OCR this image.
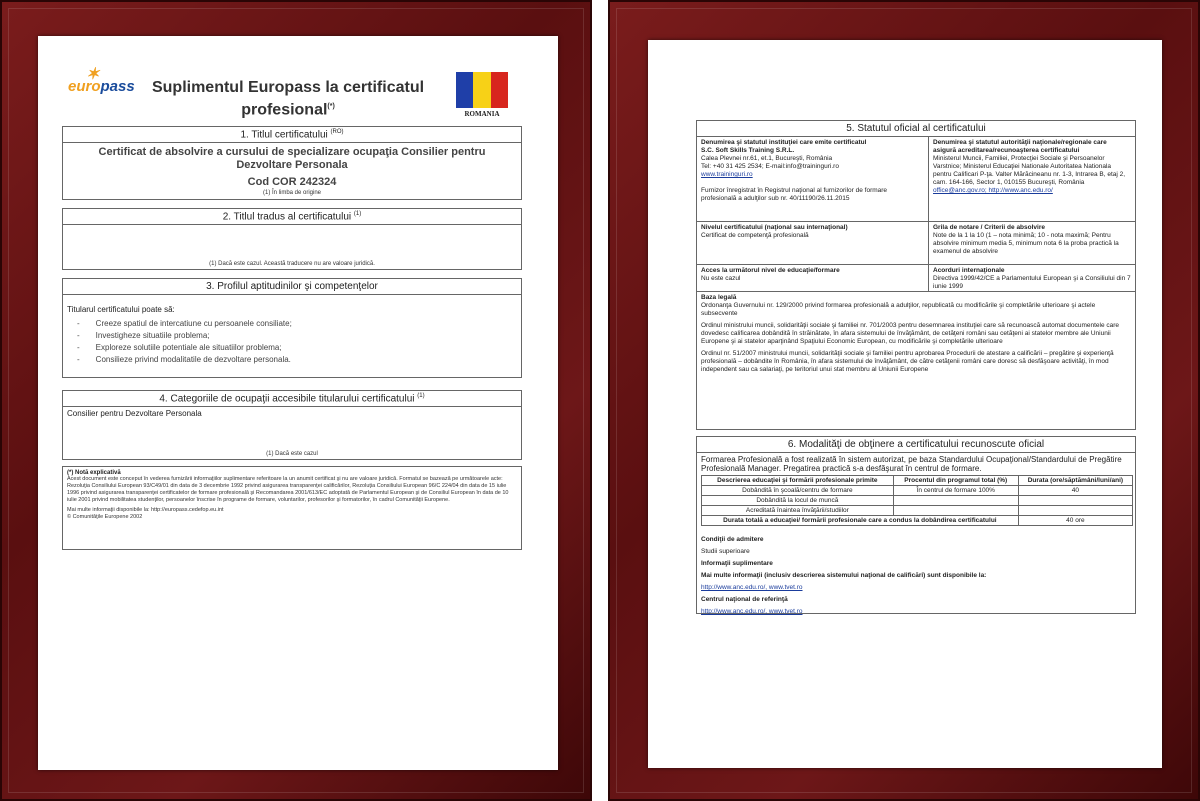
✶
europass Suplimentul Europass la certificatul profesional(*)
ROMANIA
1. Titlul certificatului $^{(RO)}$
Certificat de absolvire a cursului de specializare ocupaţia Consilier pentru Dezvoltare Personala
Cod COR 242324
(1) În limba de origine
2. Titlul tradus al certificatului $^{(1)}$
(1) Dacă este cazul. Această traducere nu are valoare juridică.
3. Profilul aptitudinilor şi competenţelor
Titularul certificatului poate să:
- Creeze spatiul de intercatiune cu persoanele consiliate;
- Investigheze situatiile problema;
- Exploreze solutiile potentiale ale situatiilor problema;
- Consilieze privind modalitatile de dezvoltare personala.
4. Categoriile de ocupaţii accesibile titularului certificatului $^{(1)}$
Consilier pentru Dezvoltare Personala
(1) Dacă este cazul
(*) Notă explicativă
Acest document este conceput în vederea furnizării informaţiilor suplimentare referitoare la un anumit certificat şi nu are valoare juridică. Formatul se bazează pe următoarele acte: Rezoluţia Consiliului European 93/C49/01 din data de 3 decembrie 1992 privind asigurarea transparenţei calificărilor, Rezoluţia Consiliului European 96/C 224/04 din data de 15 iulie 1996 privind asigurarea transparenţei certificatelor de formare profesională şi Recomandarea 2001/613/EC adoptată de Parlamentul European şi de Consiliul European în data de 10 iulie 2001 privind mobilitatea studenţilor, persoanelor înscrise în programe de formare, voluntarilor, profesorilor şi formatorilor, în cadrul Comunităţii Europene.
Mai multe informaţii disponibile la: http://europass.cedefop.eu.int
© Comunităţile Europene 2002
5. Statutul oficial al certificatului
Denumirea şi statutul instituţiei care emite certificatul
S.C. Soft Skills Training S.R.L.
Calea Plevnei nr.61, et.1, Bucureşti, România
Tel: +40 31 425 2534; E-mail:info@traininguri.ro
www.traininguri.ro

Furnizor înregistrat în Registrul naţional al furnizorilor de formare profesională a adulţilor sub nr. 40/11190/26.11.2015
Denumirea şi statutul autorităţii naţionale/regionale care asigură acreditarea/recunoaşterea certificatului
Ministerul Muncii, Familiei, Protecţiei Sociale şi Persoanelor Varstnice; Ministerul Educaţiei Nationale Autoritatea Nationala pentru Calificari P-ţa. Valter Mărăcineanu nr. 1-3, Intrarea B, etaj 2, cam. 164-166, Sector 1, 010155 Bucureşti, România
office@anc.gov.ro; http://www.anc.edu.ro/
Nivelul certificatului (naţional sau internaţional)
Certificat de competenţă profesională
Grila de notare / Criterii de absolvire
Note de la 1 la 10 (1 – nota minimă; 10 - nota maximă; Pentru absolvire minimum media 5, minimum nota 6 la proba practică la examenul de absolvire
Acces la următorul nivel de educaţie/formare
Nu este cazul
Acorduri internaţionale
Directiva 1999/42/CE a Parlamentului European şi a Consiliului din 7 iunie 1999
Baza legală

Ordonanţa Guvernului nr. 129/2000 privind formarea profesională a adulţilor, republicată cu modificările şi completările ulterioare şi actele subsecvente

Ordinul ministrului muncii, solidarităţii sociale şi familiei nr. 701/2003 pentru desemnarea instituţiei care să recunoască automat documentele care dovedesc calificarea dobândită în străinătate, în afara sistemului de învăţământ, de cetăţeni români sau cetăţeni ai statelor membre ale Uniunii Europene şi ai statelor aparţinând Spaţiului Economic European, cu modificările şi completările ulterioare

Ordinul nr. 51/2007 ministrului muncii, solidarităţii sociale şi familiei pentru aprobarea Procedurii de atestare a calificării – pregătire şi experienţă profesională – dobândite în România, în afara sistemului de învăţământ, de către cetăţenii români care doresc să desfăşoare activităţi, în mod independent sau ca salariaţi, pe teritoriul unui stat membru al Uniunii Europene

6. Modalităţi de obţinere a certificatului recunoscute oficial
Formarea Profesională a fost realizată în sistem autorizat, pe baza Standardului Ocupaţional/Standardului de Pregătire Profesională Manager. Pregatirea practică s-a desfăşurat în centrul de formare.
Descrierea educaţiei şi formării profesionale primite	Procentul din programul total (%)	Durata (ore/săptămâni/luni/ani)
Dobândită în şcoală/centru de formare	În centrul de formare 100%	40
Dobândită la locul de muncă		
Acreditată înaintea învăţării/studiilor		
Durata totală a educaţiei/ formării profesionale care a condus la dobândirea certificatului		40 ore
Condiţii de admitere
Studii superioare
Informaţii suplimentare
Mai multe informaţii (inclusiv descrierea sistemului naţional de calificări) sunt disponibile la:
http://www.anc.edu.ro/, www.tvet.ro
Centrul naţional de referinţă
http://www.anc.edu.ro/, www.tvet.ro
